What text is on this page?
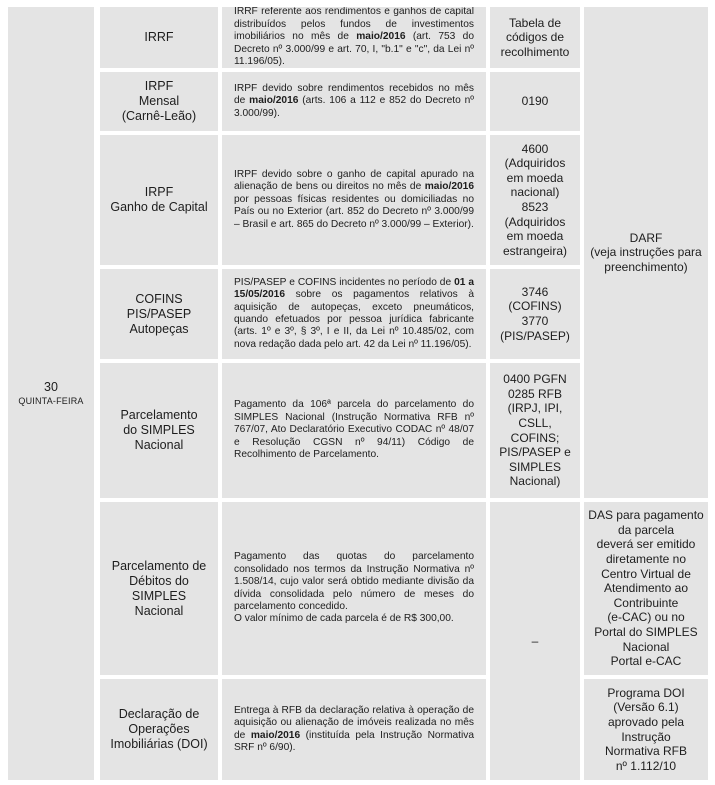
30
QUINTA-FEIRA
IRRF
IRRF referente aos rendimentos e ganhos de capital distribuídos pelos fundos de investimentos imobiliários no mês de maio/2016 (art. 753 do Decreto nº 3.000/99 e art. 70, I, "b.1" e "c", da Lei nº 11.196/05).
Tabela de
códigos de
recolhimento
IRPF
Mensal
(Carnê-Leão)
IRPF devido sobre rendimentos recebidos no mês de maio/2016 (arts. 106 a 112 e 852 do Decreto nº 3.000/99).
0190
IRPF
Ganho de Capital
IRPF devido sobre o ganho de capital apurado na alienação de bens ou direitos no mês de maio/2016 por pessoas físicas residentes ou domiciliadas no País ou no Exterior (art. 852 do Decreto nº 3.000/99 – Brasil e art. 865 do Decreto nº 3.000/99 – Exterior).
4600
(Adquiridos
em moeda
nacional)
8523
(Adquiridos
em moeda
estrangeira)
COFINS
PIS/PASEP
Autopeças
PIS/PASEP e COFINS incidentes no período de 01 a 15/05/2016 sobre os pagamentos relativos à aquisição de autopeças, exceto pneumáticos, quando efetuados por pessoa jurídica fabricante (arts. 1º e 3º, § 3º, I e II, da Lei nº 10.485/02, com nova redação dada pelo art. 42 da Lei nº 11.196/05).
3746
(COFINS)
3770
(PIS/PASEP)
Parcelamento
do SIMPLES
Nacional
Pagamento da 106ª parcela do parcelamento do SIMPLES Nacional (Instrução Normativa RFB nº 767/07, Ato Declaratório Executivo CODAC nº 48/07 e Resolução CGSN nº 94/11) Código de Recolhimento de Parcelamento.
0400 PGFN
0285 RFB
(IRPJ, IPI,
CSLL,
COFINS;
PIS/PASEP e
SIMPLES
Nacional)
Parcelamento de
Débitos do
SIMPLES
Nacional
Pagamento das quotas do parcelamento consolidado nos termos da Instrução Normativa nº 1.508/14, cujo valor será obtido mediante divisão da dívida consolidada pelo número de meses do parcelamento concedido.
O valor mínimo de cada parcela é de R$ 300,00.
Declaração de
Operações
Imobiliárias (DOI)
Entrega à RFB da declaração relativa à operação de aquisição ou alienação de imóveis realizada no mês de maio/2016 (instituída pela Instrução Normativa SRF nº 6/90).
–
DARF
(veja instruções para
preenchimento)
DAS para pagamento da parcela
deverá ser emitido
diretamente no
Centro Virtual de
Atendimento ao
Contribuinte
(e-CAC) ou no
Portal do SIMPLES
Nacional
Portal e-CAC
Programa DOI
(Versão 6.1)
aprovado pela
Instrução
Normativa RFB
nº 1.112/10
